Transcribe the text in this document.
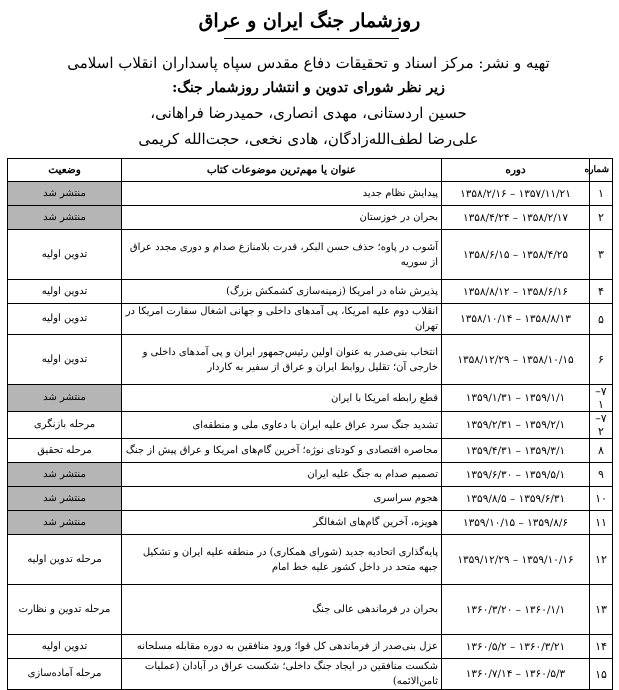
روزشمار جنگ ایران و عراق
تهیه و نشر: مرکز اسناد و تحقیقات دفاع مقدس سپاه پاسداران انقلاب اسلامی
زیر نظر شورای تدوین و انتشار روزشمار جنگ:
حسین اردستانی، مهدی انصاری، حمیدرضا فراهانی،
علی‌رضا لطف‌الله‌زادگان، هادی نخعی، حجت‌الله کریمی
شماره	دوره	عنوان یا مهم‌ترین موضوعات کتاب	وضعیت
۱	۱۳۵۷/۱۱/۲۱ – ۱۳۵۸/۲/۱۶	پیدایش نظام جدید	منتشر شد
۲	۱۳۵۸/۲/۱۷ – ۱۳۵۸/۴/۲۴	بحران در خوزستان	منتشر شد
۳	۱۳۵۸/۴/۲۵ – ۱۳۵۸/۶/۱۵	آشوب در پاوه؛ حذف حسن البکر، قدرت بلامنازع صدام و دوری مجدد عراق از سوریه	تدوین اولیه
۴	۱۳۵۸/۶/۱۶ – ۱۳۵۸/۸/۱۲	پذیرش شاه در امریکا (زمینه‌سازی کشمکش بزرگ)	تدوین اولیه
۵	۱۳۵۸/۸/۱۳ – ۱۳۵۸/۱۰/۱۴	انقلاب دوم علیه امریکا، پی آمدهای داخلی و جهانی اشغال سفارت امریکا در تهران	تدوین اولیه
۶	۱۳۵۸/۱۰/۱۵ – ۱۳۵۸/۱۲/۲۹	انتخاب بنی‌صدر به عنوان اولین رئیس‌جمهور ایران و پی آمدهای داخلی و خارجی آن؛ تقلیل روابط ایران و عراق از سفیر به کاردار	تدوین اولیه
۷–۱	۱۳۵۹/۱/۱ – ۱۳۵۹/۱/۳۱	قطع رابطه امریکا با ایران	منتشر شد
۷–۲	۱۳۵۹/۲/۱ – ۱۳۵۹/۲/۳۱	تشدید جنگ سرد عراق علیه ایران با دعاوی ملی و منطقه‌ای	مرحله بازنگری
۸	۱۳۵۹/۳/۱ – ۱۳۵۹/۴/۳۱	محاصره اقتصادی و کودتای نوژه؛ آخرین گام‌های امریکا و عراق پیش از جنگ	مرحله تحقیق
۹	۱۳۵۹/۵/۱ – ۱۳۵۹/۶/۳۰	تصمیم صدام به جنگ علیه ایران	منتشر شد
۱۰	۱۳۵۹/۶/۳۱ – ۱۳۵۹/۸/۵	هجوم سراسری	منتشر شد
۱۱	۱۳۵۹/۸/۶ – ۱۳۵۹/۱۰/۱۵	هویزه، آخرین گام‌های اشغالگر	منتشر شد
۱۲	۱۳۵۹/۱۰/۱۶ – ۱۳۵۹/۱۲/۲۹	پایه‌گذاری اتحادیه جدید (شورای همکاری) در منطقه علیه ایران و تشکیل جبهه متحد در داخل کشور علیه خط امام	مرحله تدوین اولیه
۱۳	۱۳۶۰/۱/۱ – ۱۳۶۰/۳/۲۰	بحران در فرماندهی عالی جنگ	مرحله تدوین و نظارت
۱۴	۱۳۶۰/۳/۲۱ – ۱۳۶۰/۵/۲	عزل بنی‌صدر از فرماندهی کل قوا؛ ورود منافقین به دوره مقابله مسلحانه	تدوین اولیه
۱۵	۱۳۶۰/۵/۳ – ۱۳۶۰/۷/۱۴	شکست منافقین در ایجاد جنگ داخلی؛ شکست عراق در آبادان (عملیات ثامن‌الائمه)	مرحله آماده‌سازی
